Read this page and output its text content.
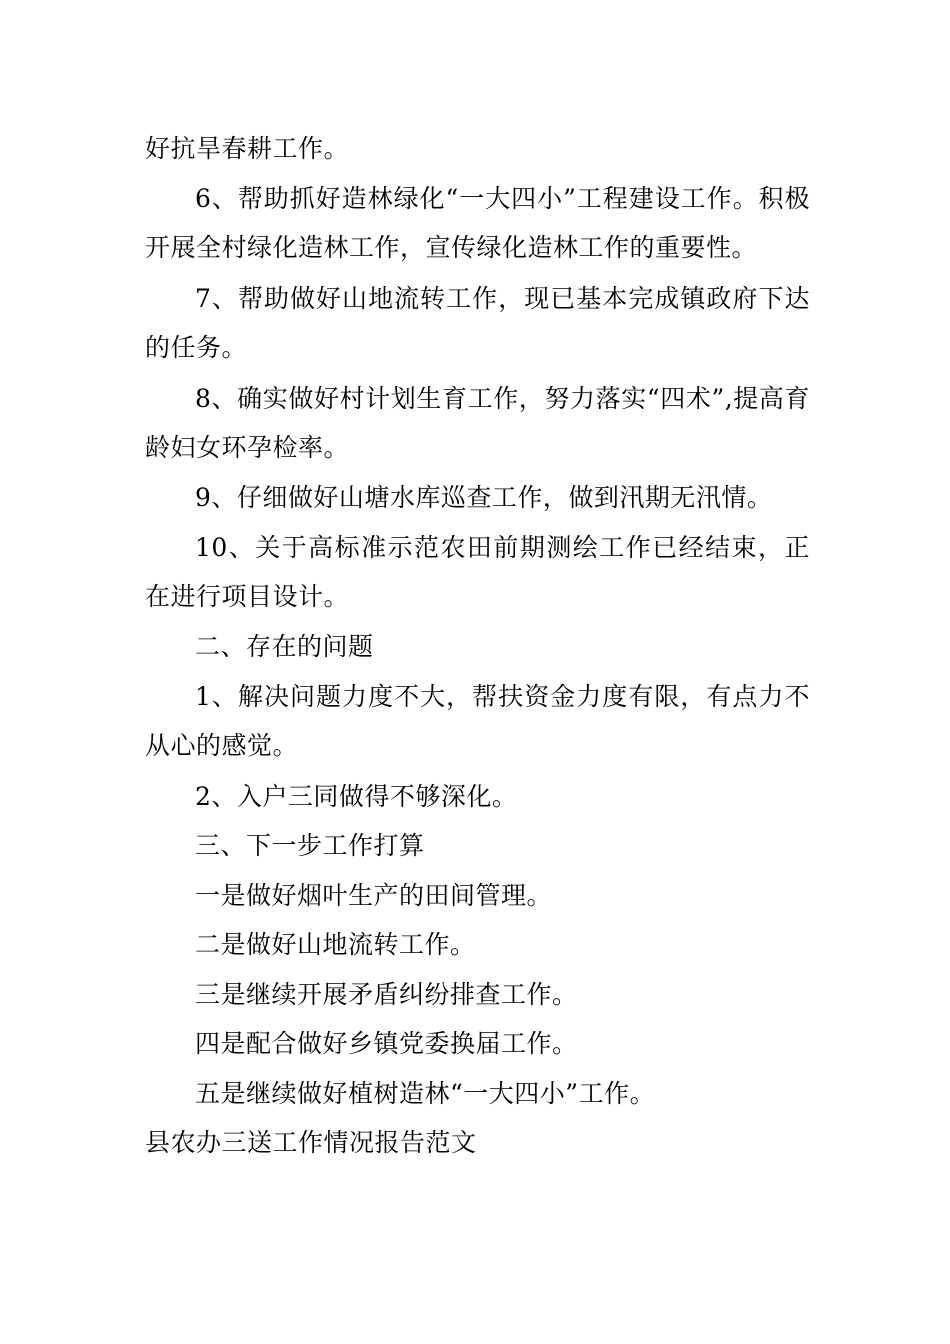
好抗旱春耕工作。

6、帮助抓好造林绿化“一大四小”工程建设工作。积极开展全村绿化造林工作，宣传绿化造林工作的重要性。

7、帮助做好山地流转工作，现已基本完成镇政府下达的任务。

8、确实做好村计划生育工作，努力落实“四术”,提高育龄妇女环孕检率。

9、仔细做好山塘水库巡查工作，做到汛期无汛情。

10、关于高标准示范农田前期测绘工作已经结束，正在进行项目设计。

二、存在的问题

1、解决问题力度不大，帮扶资金力度有限，有点力不从心的感觉。

2、入户三同做得不够深化。

三、下一步工作打算

一是做好烟叶生产的田间管理。

二是做好山地流转工作。

三是继续开展矛盾纠纷排查工作。

四是配合做好乡镇党委换届工作。

五是继续做好植树造林“一大四小”工作。

县农办三送工作情况报告范文
